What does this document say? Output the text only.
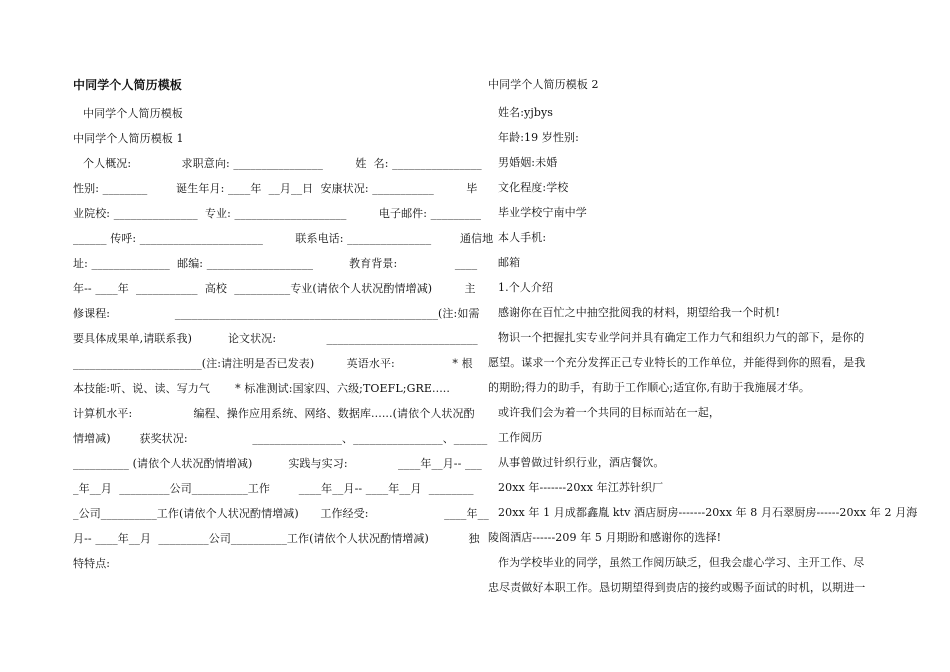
中同学个人简历模板
中同学个人简历模板
中同学个人简历模板 1
个人概况:              求职意向: ________________         姓  名: ________________
性别: ________        诞生年月: ____年  __月__日  安康状况: ___________         毕
业院校: _______________  专业: ____________________         电子邮件: _________
______ 传呼: ______________________         联系电话: _______________        通信地
址: ______________  邮编: ___________________          教育背景:                ____
年-- ____年  ___________  高校  __________专业(请依个人状况酌情增减)         主
修课程:                  _______________________________________________(注:如需
要具体成果单,请联系我)          论文状况:              ___________________________
_______________________(注:请注明是否已发表)         英语水平:                * 根
本技能:听、说、读、写力气       * 标准测试:国家四、六级;TOEFL;GRE.....
计算机水平:                 编程、操作应用系统、网络、数据库......(请依个人状况酌
情增减)        获奖状况:                  ________________、________________、______
__________ (请依个人状况酌情增减)          实践与实习:              ____年__月-- ___
_年__月  _________公司__________工作        ____年__月-- ____年__月  ________
_公司__________工作(请依个人状况酌情增减)      工作经受:                     ____年__
月-- ____年__月  _________公司__________工作(请依个人状况酌情增减)           独
特特点:
中同学个人简历模板 2
姓名:yjbys
年龄:19 岁性别:
男婚姻:未婚
文化程度:学校
毕业学校宁南中学
本人手机:
邮箱
1.个人介绍
感谢你在百忙之中抽空批阅我的材料，期望给我一个时机!
物识一个把握扎实专业学问并具有确定工作力气和组织力气的部下，是你的
愿望。谋求一个充分发挥正己专业特长的工作单位，并能得到你的照看，是我
的期盼;得力的助手，有助于工作顺心;适宜你,有助于我施展才华。
或许我们会为着一个共同的目标而站在一起，
工作阅历
从事曾做过针织行业，酒店餐饮。
20xx 年-------20xx 年江苏针织厂
20xx 年 1 月成都鑫胤 ktv 酒店厨房-------20xx 年 8 月石翠厨房------20xx 年 2 月海
陵阁酒店------209 年 5 月期盼和感谢你的选择!
作为学校毕业的同学，虽然工作阅历缺乏，但我会虚心学习、主开工作、尽
忠尽责做好本职工作。恳切期望得到贵店的接约或赐予面试的时机，以期进一
